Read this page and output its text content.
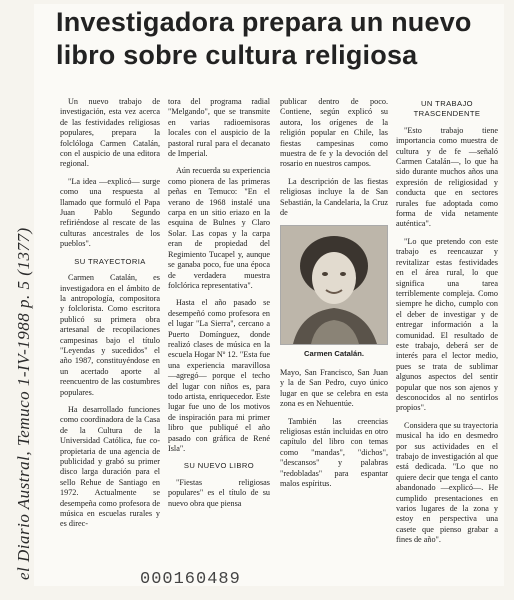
el Diario Austral, Temuco 1-IV-1988 p. 5 (1377)
Investigadora prepara un nuevo
libro sobre cultura religiosa

Un nuevo trabajo de investigación, esta vez acerca de las festividades religiosas populares, prepara la folclóloga Carmen Catalán, con el auspicio de una editora regional.

"La idea —explicó— surge como una respuesta al llamado que formuló el Papa Juan Pablo Segundo refiriéndose al rescate de las culturas ancestrales de los pueblos".

SU TRAYECTORIA

Carmen Catalán, es investigadora en el ámbito de la antropología, compositora y folclorista. Como escritora publicó su primera obra artesanal de recopilaciones campesinas bajo el título "Leyendas y sucedidos" el año 1987, constituyéndose en un acertado aporte al reencuentro de las costumbres populares.

Ha desarrollado funciones como coordinadora de la Casa de la Cultura de la Universidad Católica, fue co-propietaria de una agencia de publicidad y grabó su primer disco larga duración para el sello Rehue de Santiago en 1972. Actualmente se desempeña como profesora de música en escuelas rurales y es direc-

tora del programa radial "Melgando", que se transmite en varias radioemisoras locales con el auspicio de la pastoral rural para el decanato de Imperial.

Aún recuerda su experiencia como pionera de las primeras peñas en Temuco: "En el verano de 1968 instalé una carpa en un sitio eriazo en la esquina de Bulnes y Claro Solar. Las copas y la carpa eran de propiedad del Regimiento Tucapel y, aunque se ganaba poco, fue una época de verdadera muestra folclórica representativa".

Hasta el año pasado se desempeñó como profesora en el lugar "La Sierra", cercano a Puerto Domínguez, donde realizó clases de música en la escuela Hogar Nº 12. "Esta fue una experiencia maravillosa —agregó— porque el techo del lugar con niños es, para todo artista, enriquecedor. Este lugar fue uno de los motivos de inspiración para mi primer libro que publiqué el año pasado con gráfica de René Isla".

SU NUEVO LIBRO

"Fiestas religiosas populares" es el título de su nuevo obra que piensa

publicar dentro de poco. Contiene, según explicó su autora, los orígenes de la religión popular en Chile, las fiestas campesinas como muestra de fe y la devoción del rosario en nuestros campos.

La descripción de las fiestas religiosas incluye la de San Sebastián, la Candelaria, la Cruz de

Carmen Catalán.

Mayo, San Francisco, San Juan y la de San Pedro, cuyo único lugar en que se celebra en esta zona es en Nehuentúe.

También las creencias religiosas están incluidas en otro capítulo del libro con temas como "mandas", "dichos", "descansos" y palabras "redobladas" para espantar malos espíritus.

UN TRABAJO TRASCENDENTE

"Esto trabajo tiene importancia como muestra de cultura y de fe —señaló Carmen Catalán—, lo que ha sido durante muchos años una expresión de religiosidad y conducta que en sectores rurales fue adoptada como forma de vida netamente auténtica".

"Lo que pretendo con este trabajo es reencauzar y revitalizar estas festividades en el área rural, lo que significa una tarea terriblemente compleja. Como siempre he dicho, cumplo con el deber de investigar y de entregar información a la comunidad. El resultado de este trabajo, deberá ser de interés para el lector medio, pues se trata de sublimar algunos aspectos del sentir popular que nos son ajenos y desconocidos al no sentirlos propios".

Considera que su trayectoria musical ha ido en desmedro por sus actividades en el trabajo de investigación al que está dedicada. "Lo que no quiere decir que tenga el canto abandonado —explicó—. He cumplido presentaciones en varios lugares de la zona y estoy en perspectiva una casete que pienso grabar a fines de año".

000160489
